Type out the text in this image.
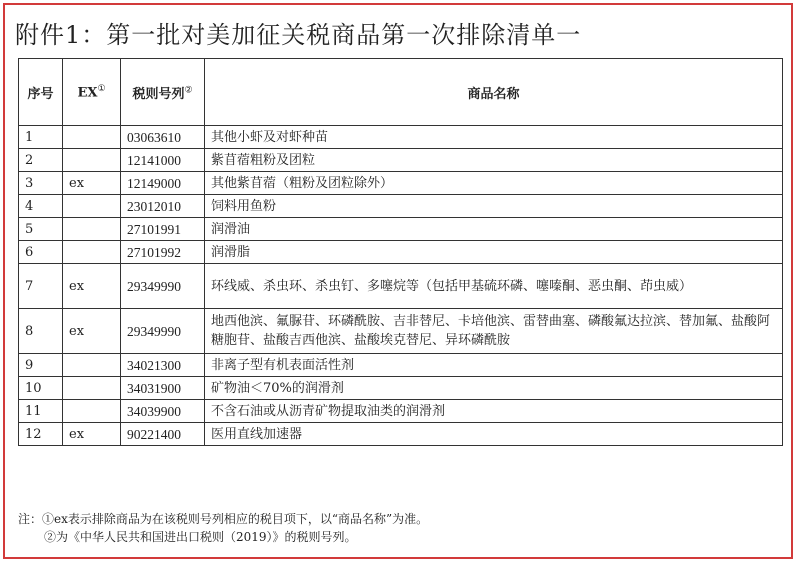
附件1：第一批对美加征关税商品第一次排除清单一
序号	EX①	税则号列②	商品名称
1		03063610	其他小虾及对虾种苗
2		12141000	紫苜蓿粗粉及团粒
3	ex	12149000	其他紫苜蓿（粗粉及团粒除外）
4		23012010	饲料用鱼粉
5		27101991	润滑油
6		27101992	润滑脂
7	ex	29349990	环线威、杀虫环、杀虫钉、多噻烷等（包括甲基硫环磷、噻嗪酮、恶虫酮、茚虫威）
8	ex	29349990	地西他滨、氟脲苷、环磷酰胺、吉非替尼、卡培他滨、雷替曲塞、磷酸氟达拉滨、替加氟、盐酸阿糖胞苷、盐酸吉西他滨、盐酸埃克替尼、异环磷酰胺
9		34021300	非离子型有机表面活性剂
10		34031900	矿物油＜70%的润滑剂
11		34039900	不含石油或从沥青矿物提取油类的润滑剂
12	ex	90221400	医用直线加速器
注：①ex表示排除商品为在该税则号列相应的税目项下，以“商品名称”为准。
②为《中华人民共和国进出口税则（2019）》的税则号列。
